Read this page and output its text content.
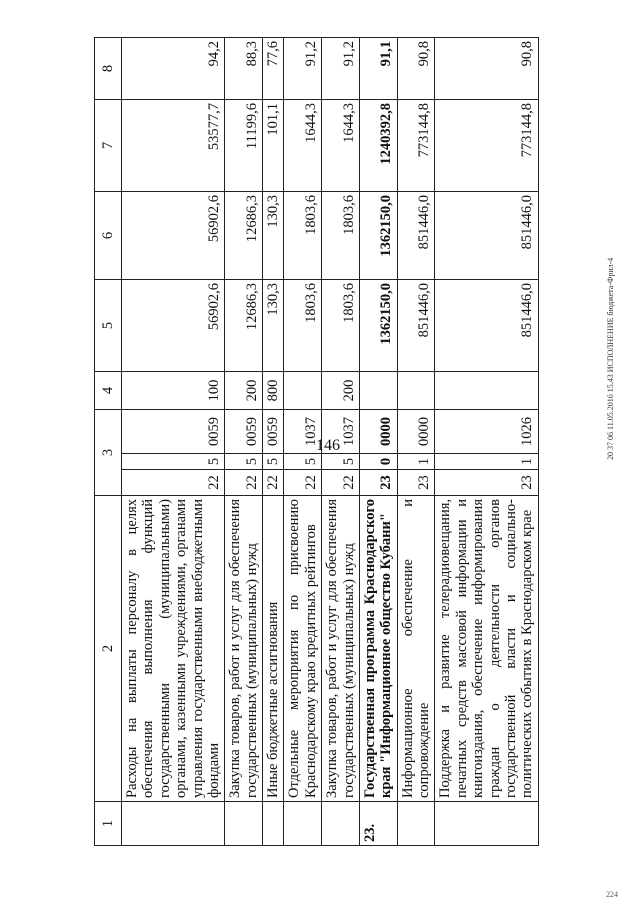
146
1	2	3			4	5	6	7	8
	Расходы на выплаты персоналу в целях обеспечения выполнения функций государственными (муниципальными) органами, казенными учреждениями, органами управления государственными внебюджетными фондами	22	5	0059	100	56902,6	56902,6	53577,7	94,2
	Закупка товаров, работ и услуг для обеспечения государственных (муниципальных) нужд	22	5	0059	200	12686,3	12686,3	11199,6	88,3
	Иные бюджетные ассигнования	22	5	0059	800	130,3	130,3	101,1	77,6
	Отдельные мероприятия по присвоению Краснодарскому краю кредитных рейтингов	22	5	1037		1803,6	1803,6	1644,3	91,2
	Закупка товаров, работ и услуг для обеспечения государственных (муниципальных) нужд	22	5	1037	200	1803,6	1803,6	1644,3	91,2
23.	Государственная программа Краснодарского края "Информационное общество Кубани"	23	0	0000		1362150,0	1362150,0	1240392,8	91,1
	Информационное обеспечение и сопровождение	23	1	0000		851446,0	851446,0	773144,8	90,8
	Поддержка и развитие телерадиовещания, печатных средств массовой информации и книгоиздания, обеспечение информирования граждан о деятельности органов государственной власти и социально-политических событиях в Краснодарском крае	23	1	1026		851446,0	851446,0	773144,8	90,8
20 37 06 11.05.2016 15.43 ИСПОЛНЕНИЕ бюджета-Фрил-4
224
